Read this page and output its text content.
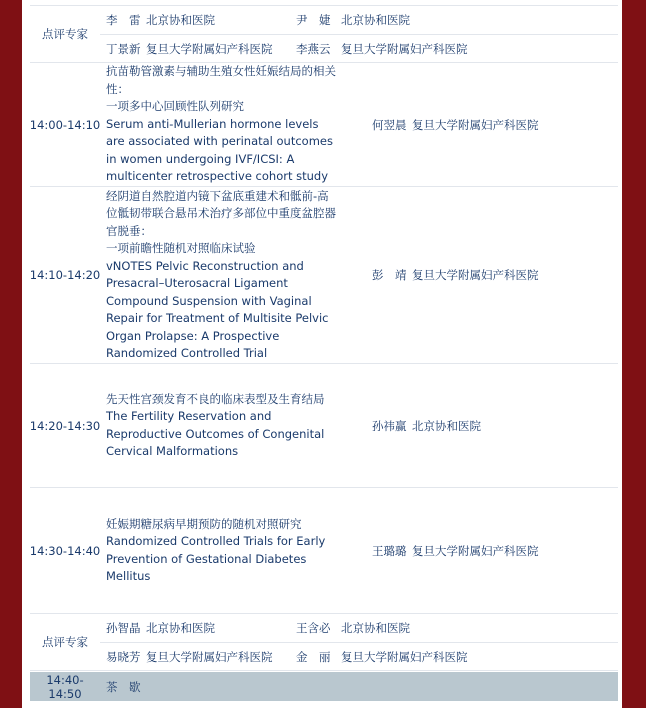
点评专家
李　雷 北京协和医院	尹　婕 北京协和医院
丁景新 复旦大学附属妇产科医院	李燕云 复旦大学附属妇产科医院
14:00-14:10
抗苗勒管激素与辅助生殖女性妊娠结局的相关性：
一项多中心回顾性队列研究
Serum anti-Mullerian hormone levels are associated with perinatal outcomes in women undergoing IVF/ICSI: A multicenter retrospective cohort study
何翌晨 复旦大学附属妇产科医院
14:10-14:20
经阴道自然腔道内镜下盆底重建术和骶前-高位骶韧带联合悬吊术治疗多部位中重度盆腔器官脱垂：
一项前瞻性随机对照临床试验
vNOTES Pelvic Reconstruction and Presacral–Uterosacral Ligament Compound Suspension with Vaginal Repair for Treatment of Multisite Pelvic Organ Prolapse: A Prospective Randomized Controlled Trial
彭　靖 复旦大学附属妇产科医院
14:20-14:30
先天性宫颈发育不良的临床表型及生育结局
The Fertility Reservation and Reproductive Outcomes of Congenital Cervical Malformations
孙祎赢 北京协和医院
14:30-14:40
妊娠期糖尿病早期预防的随机对照研究
Randomized Controlled Trials for Early Prevention of Gestational Diabetes Mellitus
王璐璐 复旦大学附属妇产科医院
点评专家
孙智晶 北京协和医院	王含必 北京协和医院
易晓芳 复旦大学附属妇产科医院	金　丽 复旦大学附属妇产科医院
14:40-14:50	茶　歇
